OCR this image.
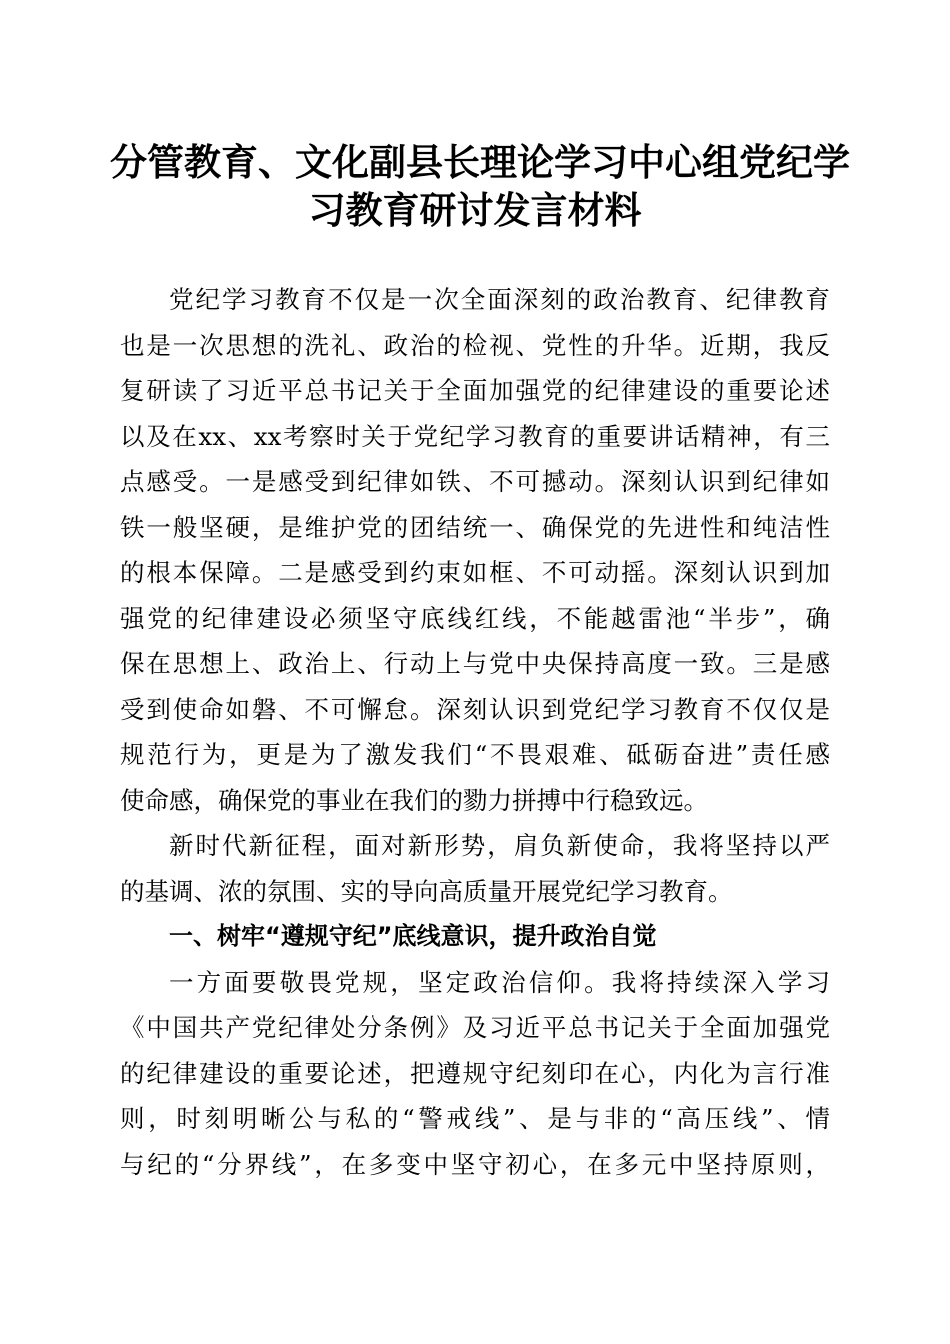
分管教育、文化副县长理论学习中心组党纪学
习教育研讨发言材料
党纪学习教育不仅是一次全面深刻的政治教育、纪律教育
也是一次思想的洗礼、政治的检视、党性的升华。近期，我反
复研读了习近平总书记关于全面加强党的纪律建设的重要论述
以及在xx、xx考察时关于党纪学习教育的重要讲话精神，有三
点感受。一是感受到纪律如铁、不可撼动。深刻认识到纪律如
铁一般坚硬，是维护党的团结统一、确保党的先进性和纯洁性
的根本保障。二是感受到约束如框、不可动摇。深刻认识到加
强党的纪律建设必须坚守底线红线，不能越雷池“半步”，确
保在思想上、政治上、行动上与党中央保持高度一致。三是感
受到使命如磐、不可懈怠。深刻认识到党纪学习教育不仅仅是
规范行为，更是为了激发我们“不畏艰难、砥砺奋进”责任感
使命感，确保党的事业在我们的勠力拼搏中行稳致远。
新时代新征程，面对新形势，肩负新使命，我将坚持以严
的基调、浓的氛围、实的导向高质量开展党纪学习教育。
一、树牢“遵规守纪”底线意识，提升政治自觉
一方面要敬畏党规，坚定政治信仰。我将持续深入学习
《中国共产党纪律处分条例》及习近平总书记关于全面加强党
的纪律建设的重要论述，把遵规守纪刻印在心，内化为言行准
则，时刻明晰公与私的“警戒线”、是与非的“高压线”、情
与纪的“分界线”，在多变中坚守初心，在多元中坚持原则，
